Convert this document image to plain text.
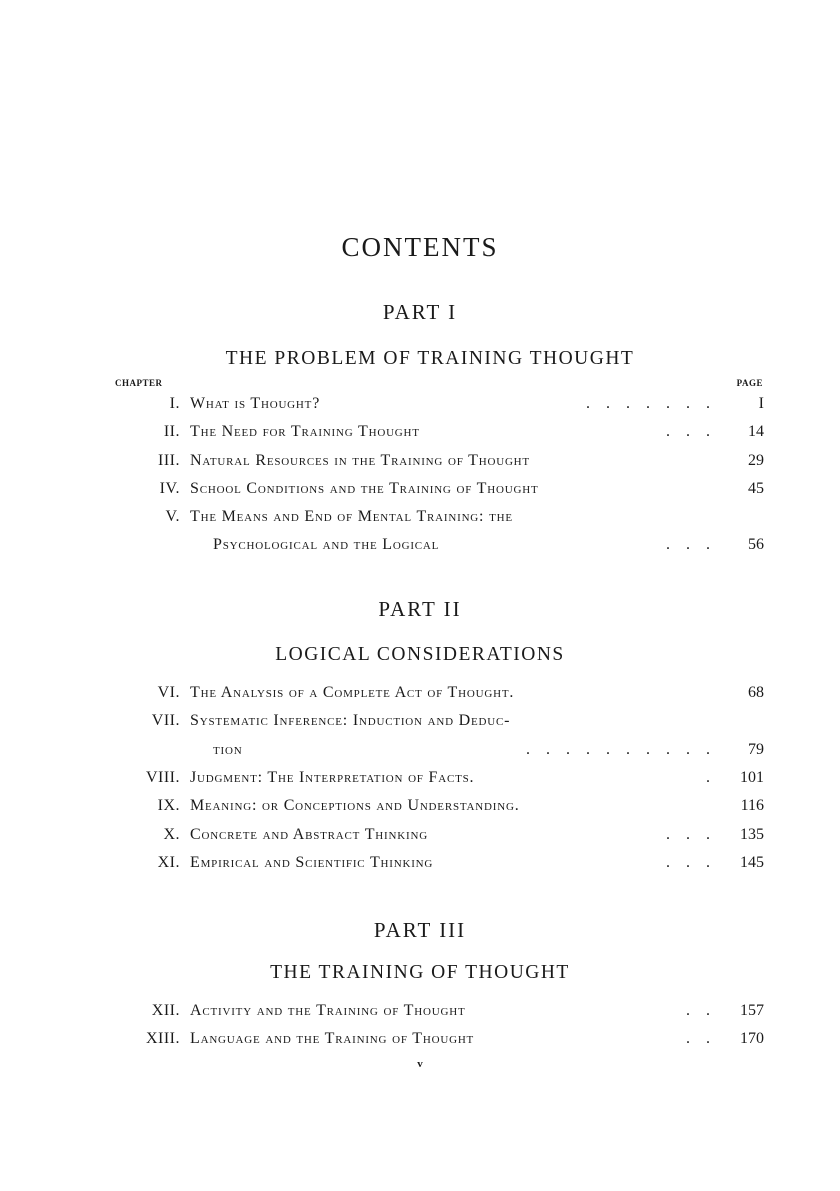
CONTENTS
PART I
THE PROBLEM OF TRAINING THOUGHT
CHAPTER	PAGE
I. What is Thought?	.    .    .    .    .    .    .	I
II. The Need for Training Thought	.    .    .	14
III. Natural Resources in the Training of Thought	29
IV. School Conditions and the Training of Thought	45
V. The Means and End of Mental Training: the
Psychological and the Logical	.    .    .	56
PART II
LOGICAL CONSIDERATIONS
VI. The Analysis of a Complete Act of Thought.	68
VII. Systematic Inference: Induction and Deduc-
tion	.    .    .    .    .    .    .    .    .    .	79
VIII. Judgment: The Interpretation of Facts.	.	101
IX. Meaning: or Conceptions and Understanding.	116
X. Concrete and Abstract Thinking	.    .    .	135
XI. Empirical and Scientific Thinking	.    .    .	145
PART III
THE TRAINING OF THOUGHT
XII. Activity and the Training of Thought	.    .	157
XIII. Language and the Training of Thought	.    .	170
v
